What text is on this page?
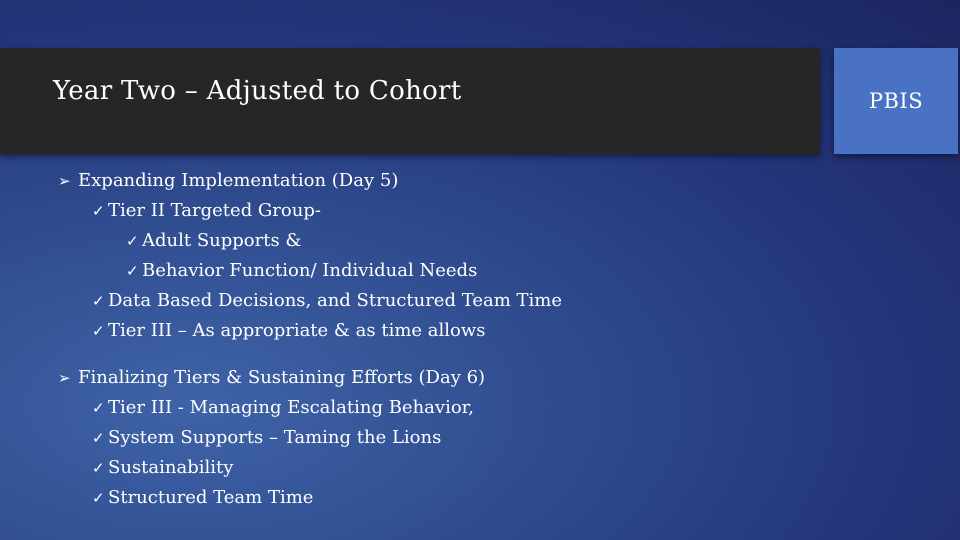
Year Two – Adjusted to Cohort	PBIS
➢ Expanding Implementation (Day 5)
✓ Tier II Targeted Group-
✓ Adult Supports &
✓ Behavior Function/ Individual Needs
✓ Data Based Decisions, and Structured Team Time
✓ Tier III – As appropriate & as time allows
➢ Finalizing Tiers & Sustaining Efforts (Day 6)
✓ Tier III - Managing Escalating Behavior,
✓ System Supports – Taming the Lions
✓ Sustainability
✓ Structured Team Time
